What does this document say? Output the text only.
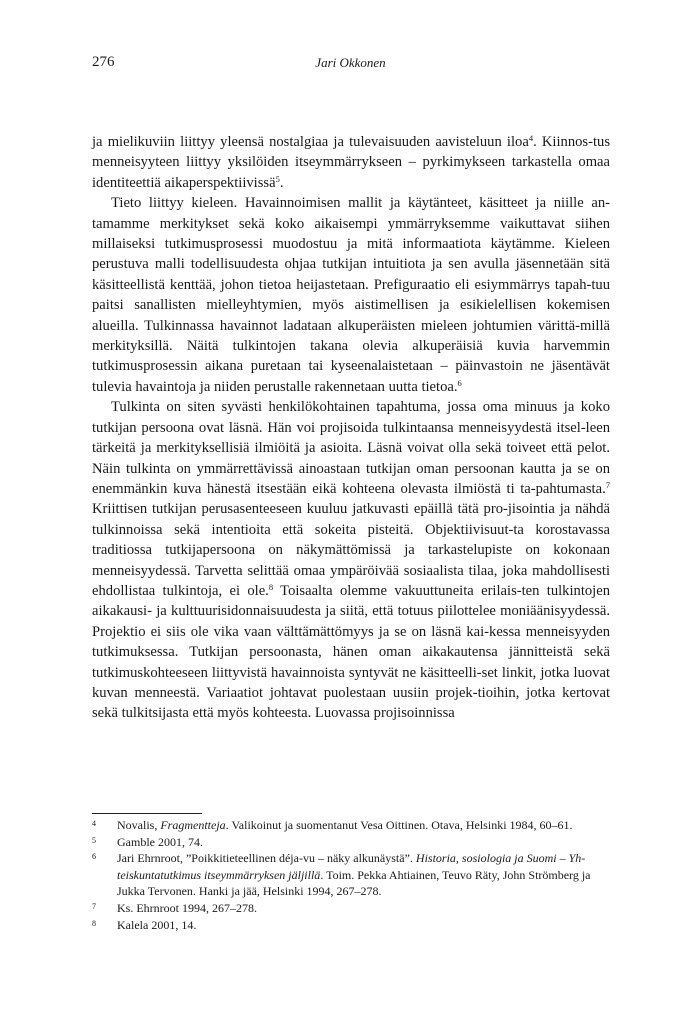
276	Jari Okkonen

ja mielikuviin liittyy yleensä nostalgiaa ja tulevaisuuden aavisteluun iloa$^4$. Kiinnos-tus menneisyyteen liittyy yksilöiden itseymmärrykseen – pyrkimykseen tarkastella omaa identiteettiä aikaperspektiivissä$^5$.

Tieto liittyy kieleen. Havainnoimisen mallit ja käytänteet, käsitteet ja niille an-tamamme merkitykset sekä koko aikaisempi ymmärryksemme vaikuttavat siihen millaiseksi tutkimusprosessi muodostuu ja mitä informaatiota käytämme. Kieleen perustuva malli todellisuudesta ohjaa tutkijan intuitiota ja sen avulla jäsennetään sitä käsitteellistä kenttää, johon tietoa heijastetaan. Prefiguraatio eli esiymmärrys tapah-tuu paitsi sanallisten mielleyhtymien, myös aistimellisen ja esikielellisen kokemisen alueilla. Tulkinnassa havainnot ladataan alkuperäisten mieleen johtumien värittä-millä merkityksillä. Näitä tulkintojen takana olevia alkuperäisiä kuvia harvemmin tutkimusprosessin aikana puretaan tai kyseenalaistetaan – päinvastoin ne jäsentävät tulevia havaintoja ja niiden perustalle rakennetaan uutta tietoa.$^6$

Tulkinta on siten syvästi henkilökohtainen tapahtuma, jossa oma minuus ja koko tutkijan persoona ovat läsnä. Hän voi projisoida tulkintaansa menneisyydestä itsel-leen tärkeitä ja merkityksellisiä ilmiöitä ja asioita. Läsnä voivat olla sekä toiveet että pelot. Näin tulkinta on ymmärrettävissä ainoastaan tutkijan oman persoonan kautta ja se on enemmänkin kuva hänestä itsestään eikä kohteena olevasta ilmiöstä ti ta-pahtumasta.$^7$ Kriittisen tutkijan perusasenteeseen kuuluu jatkuvasti epäillä tätä pro-jisointia ja nähdä tulkinnoissa sekä intentioita että sokeita pisteitä. Objektiivisuut-ta korostavassa traditiossa tutkijapersoona on näkymättömissä ja tarkastelupiste on kokonaan menneisyydessä. Tarvetta selittää omaa ympäröivää sosiaalista tilaa, joka mahdollisesti ehdollistaa tulkintoja, ei ole.$^8$ Toisaalta olemme vakuuttuneita erilais-ten tulkintojen aikakausi- ja kulttuurisidonnaisuudesta ja siitä, että totuus piilottelee moniäänisyydessä. Projektio ei siis ole vika vaan välttämättömyys ja se on läsnä kai-kessa menneisyyden tutkimuksessa. Tutkijan persoonasta, hänen oman aikakautensa jännitteistä sekä tutkimuskohteeseen liittyvistä havainnoista syntyvät ne käsitteelli-set linkit, jotka luovat kuvan menneestä. Variaatiot johtavat puolestaan uusiin projek-tioihin, jotka kertovat sekä tulkitsijasta että myös kohteesta. Luovassa projisoinnissa

4	Novalis, Fragmentteja. Valikoinut ja suomentanut Vesa Oittinen. Otava, Helsinki 1984, 60–61.
5	Gamble 2001, 74.
6	Jari Ehrnroot, ”Poikkitieteellinen déja-vu – näky alkunäystä”. Historia, sosiologia ja Suomi – Yh-teiskuntatutkimus itseymmärryksen jäljillä. Toim. Pekka Ahtiainen, Teuvo Räty, John Strömberg ja Jukka Tervonen. Hanki ja jää, Helsinki 1994, 267–278.
7	Ks. Ehrnroot 1994, 267–278.
8	Kalela 2001, 14.
